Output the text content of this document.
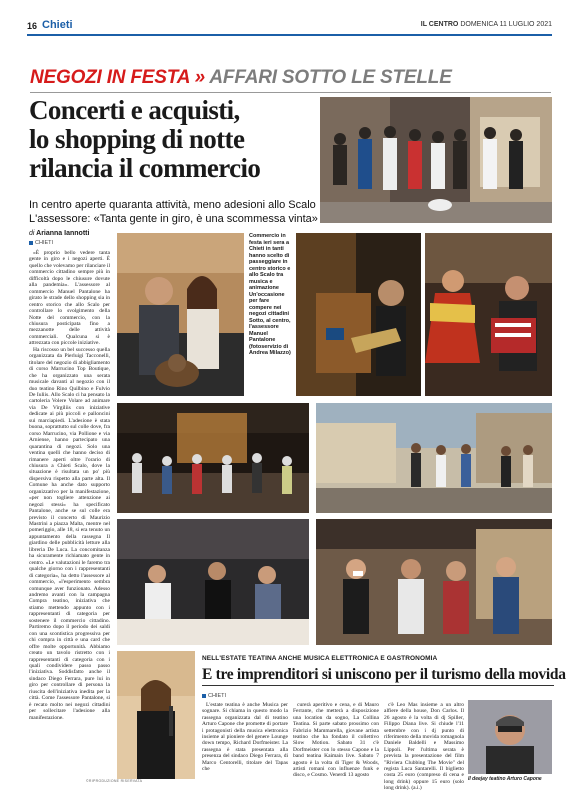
16 Chieti	IL CENTRO DOMENICA 11 LUGLIO 2021
NEGOZI IN FESTA » AFFARI SOTTO LE STELLE
Concerti e acquisti,
lo shopping di notte
rilancia il commercio
In centro aperte quaranta attività, meno adesioni allo Scalo
L'assessore: «Tanta gente in giro, è una scommessa vinta»
di Arianna Iannotti
CHIETI

«È proprio bello vedere tanta gente in giro e i negozi aperti. È quello che volevamo per rilanciare il commercio cittadino sempre più in difficoltà dopo le chiusure dovute alla pandemia». L'assessore al commercio Manuel Pantalone ha girato le strade dello shopping sia in centro storico che allo Scalo per controllare lo svolgimento della Notte del commercio, con la chiusura posticipata fino a mezzanotte delle attività commerciali. Qualcuna si è attrezzata con piccole iniziative.

Ha riscosso un bel successo quella organizzata da Pierluigi Tacconelli, titolare del negozio di abbigliamento di corso Marrucino Top Boutique, che ha organizzato una serata musicale davanti al negozio con il duo teatino Rino Quilbino e Fulvio De Iuliis. Allo Scalo ci ha pensato la cartoleria Volere Volare ad animare via De Virgiliis con iniziative dedicate ai più piccoli e palloncini sui marciapiedi. L'adesione è stata buona, soprattutto sul colle dove, fra corso Marrucino, via Pollione e via Arniense, hanno partecipato una quarantina di negozi. Solo una ventina quelli che hanno deciso di rimanere aperti oltre l'orario di chiusura a Chieti Scalo, dove la situazione è risultata un po' più dispersiva rispetto alla parte alta. Il Comune ha anche dato supporto organizzativo per la manifestazione, «per non togliere attenzione ai negozi stessi» ha specificato Pantalone, anche se sul colle era previsto il concerto di Maurizio Mastrini a piazza Malta, mentre nel pomeriggio, alle 18, si era tenuto un appuntamento della rassegna Il giardino delle pubblicità letture alla libreria De Luca. La concomitanza ha sicuramente richiamato gente in centro. «Le valutazioni le faremo tra qualche giorno con i rappresentanti di categoria», ha detto l'assessore al commercio, «l'esperimento sembra comunque aver funzionato. Adesso andremo avanti con la campagna Compra teatino, iniziativa che stiamo mettendo appunto con i rappresentanti di categoria per sostenere il commercio cittadino. Partiremo dopo il periodo dei saldi con una scontistica progressiva per chi compra in città e una card che offre molte opportunità. Abbiamo creato un tavolo ristretto con i rappresentanti di categoria con i quali condividere passo passo l'iniziativa. Soddisfatto anche il sindaco Diego Ferrara, pure lui in giro per controllare di persona la riuscita dell'iniziativa inedita per la città. Come l'assessore Pantalone, si è recato molto nei negozi cittadini per sollecitare l'adesione alla manifestazione.

©RIPRODUZIONE RISERVATA
Commercio in festa ieri sera a Chieti in tanti hanno scelto di passeggiare in centro storico e allo Scalo tra musica e animazione Un'occasione per fare compere nei negozi cittadini Sotto, al centro, l'assessore Manuel Pantalone (fotoservizio di Andrea Milazzo)
NELL'ESTATE TEATINA ANCHE MUSICA ELETTRONICA E GASTRONOMIA
E tre imprenditori si uniscono per il turismo della movida
CHIETI

L'estate teatina è anche Musica per sognare. Si chiama in questo modo la rassegna organizzata dal di teatino Arturo Capone che promette di portare i protagonisti della musica elettronica insieme al pioniere del genere Lounge down tempo, Richard Dorfmeister. La rassegna è stata presentata alla presenza del sindaco Diego Ferrara, di Marco Centorelli, titolare del Tapas che

curerà aperitivo e cena, e di Mauro Ferrante, che metterà a disposizione una location da sogno, La Collina Teatina. Si parte sabato prossimo con Fabrizio Mammarella, giovane artista teatino che ha fondato il collettivo Slow Motion. Sabato 31 c'è Dorfmeister con lo stesso Capone e la band teatina Kaimain live. Sabato 7 agosto è la volta di Tiger & Woods, artisti romani con influenze funk e disco, e Cosmo. Venerdì 13 agosto

c'è Leo Mas insieme a un altro alfiere della house, Don Carlos. Il 26 agosto è la volta di dj Spiller, Filippo Diana live. Si chiude l'11 settembre con i dj punto di riferimento della movida romagnola Daniele Baldelli e Massimo Lippoli. Per l'ultima serata è prevista la presentazione del film "Riviera Clubbing The Movie" del regista Luca Santarelli. Il biglietto costa 25 euro (compreso di cena e long drink) oppure 15 euro (solo long drink). (a.i.)

Il deejay teatino Arturo Capone
